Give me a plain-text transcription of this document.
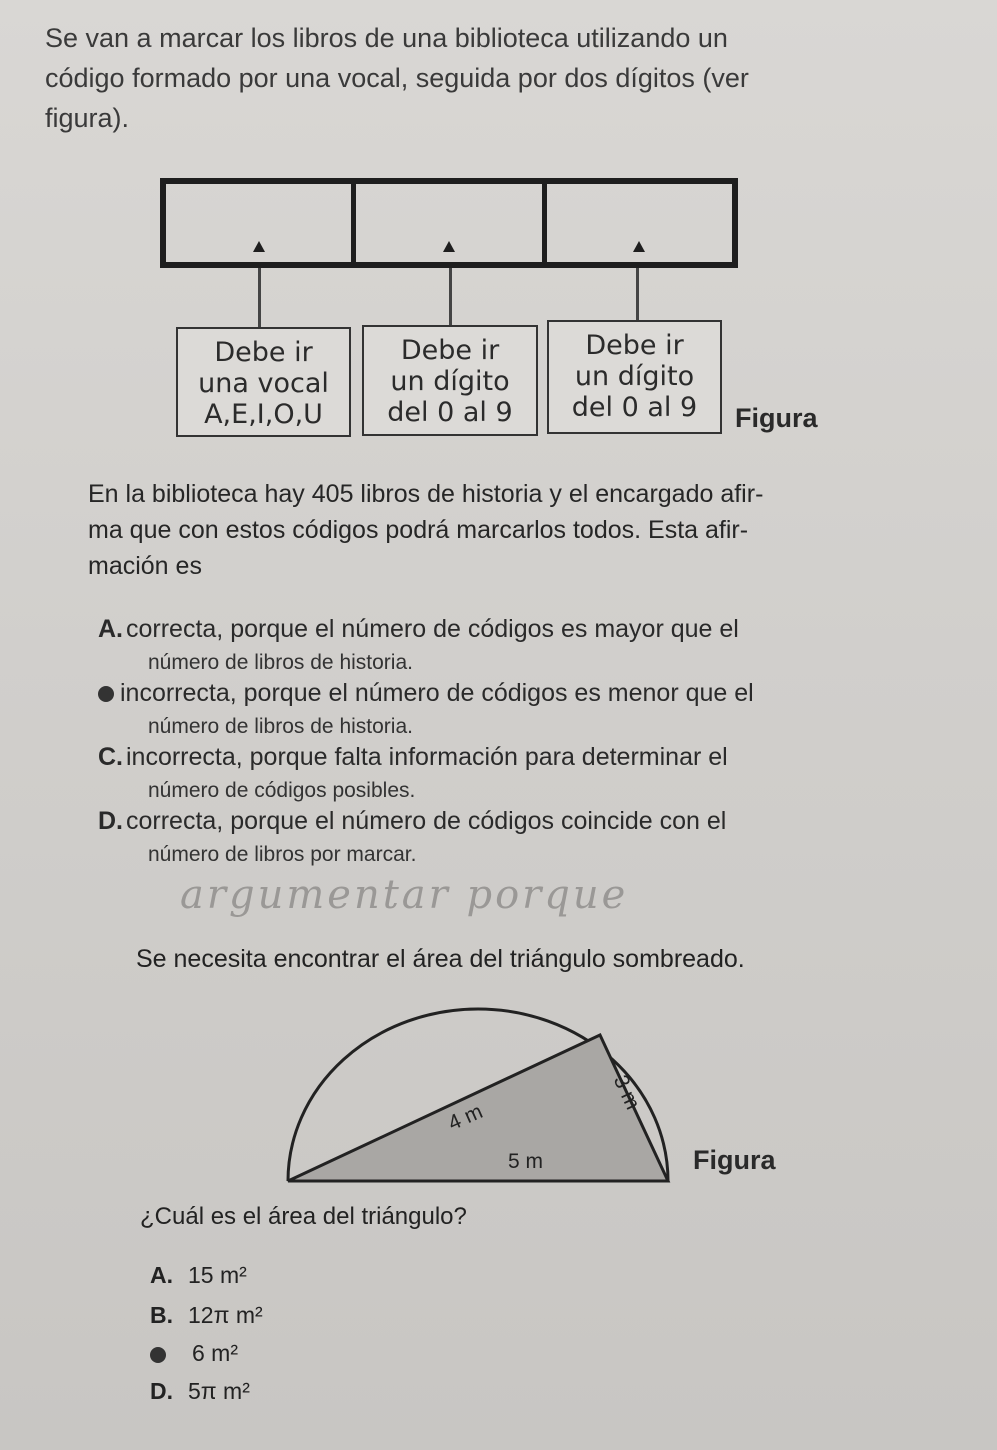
Se van a marcar los libros de una biblioteca utilizando un
código formado por una vocal, seguida por dos dígitos (ver
figura).
Debe ir
una vocal
A,E,I,O,U
Debe ir
un dígito
del 0 al 9
Debe ir
un dígito
del 0 al 9	Figura
En la biblioteca hay 405 libros de historia y el encargado afir-
ma que con estos códigos podrá marcarlos todos. Esta afir-
mación es
A. correcta, porque el número de códigos es mayor que el
número de libros de historia.
incorrecta, porque el número de códigos es menor que el
número de libros de historia.
C. incorrecta, porque falta información para determinar el
número de códigos posibles.
D. correcta, porque el número de códigos coincide con el
número de libros por marcar.
argumentar porque
Se necesita encontrar el área del triángulo sombreado.
4 m
3 m
5 m	Figura
¿Cuál es el área del triángulo?
A. 15 m²
B. 12π m²
6 m²
D. 5π m²
